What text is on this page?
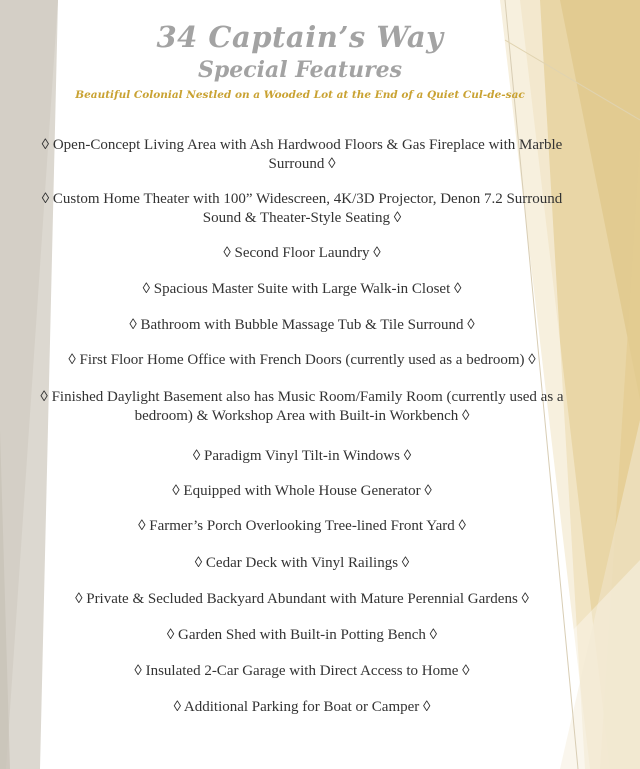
34 Captain’s Way
Special Features
Beautiful Colonial Nestled on a Wooded Lot at the End of a Quiet Cul-de-sac
◊ Open-Concept Living Area with Ash Hardwood Floors & Gas Fireplace with Marble Surround ◊
◊ Custom Home Theater with 100” Widescreen, 4K/3D Projector, Denon 7.2 Surround Sound & Theater-Style Seating ◊
◊ Second Floor Laundry ◊
◊ Spacious Master Suite with Large Walk-in Closet ◊
◊ Bathroom with Bubble Massage Tub & Tile Surround ◊
◊ First Floor Home Office with French Doors (currently used as a bedroom) ◊
◊ Finished Daylight Basement also has Music Room/Family Room (currently used as a bedroom) & Workshop Area with Built-in Workbench ◊
◊ Paradigm Vinyl Tilt-in Windows ◊
◊ Equipped with Whole House Generator ◊
◊ Farmer’s Porch Overlooking Tree-lined Front Yard ◊
◊ Cedar Deck with Vinyl Railings ◊
◊ Private & Secluded Backyard Abundant with Mature Perennial Gardens ◊
◊ Garden Shed with Built-in Potting Bench ◊
◊ Insulated 2-Car Garage with Direct Access to Home ◊
◊ Additional Parking for Boat or Camper ◊
